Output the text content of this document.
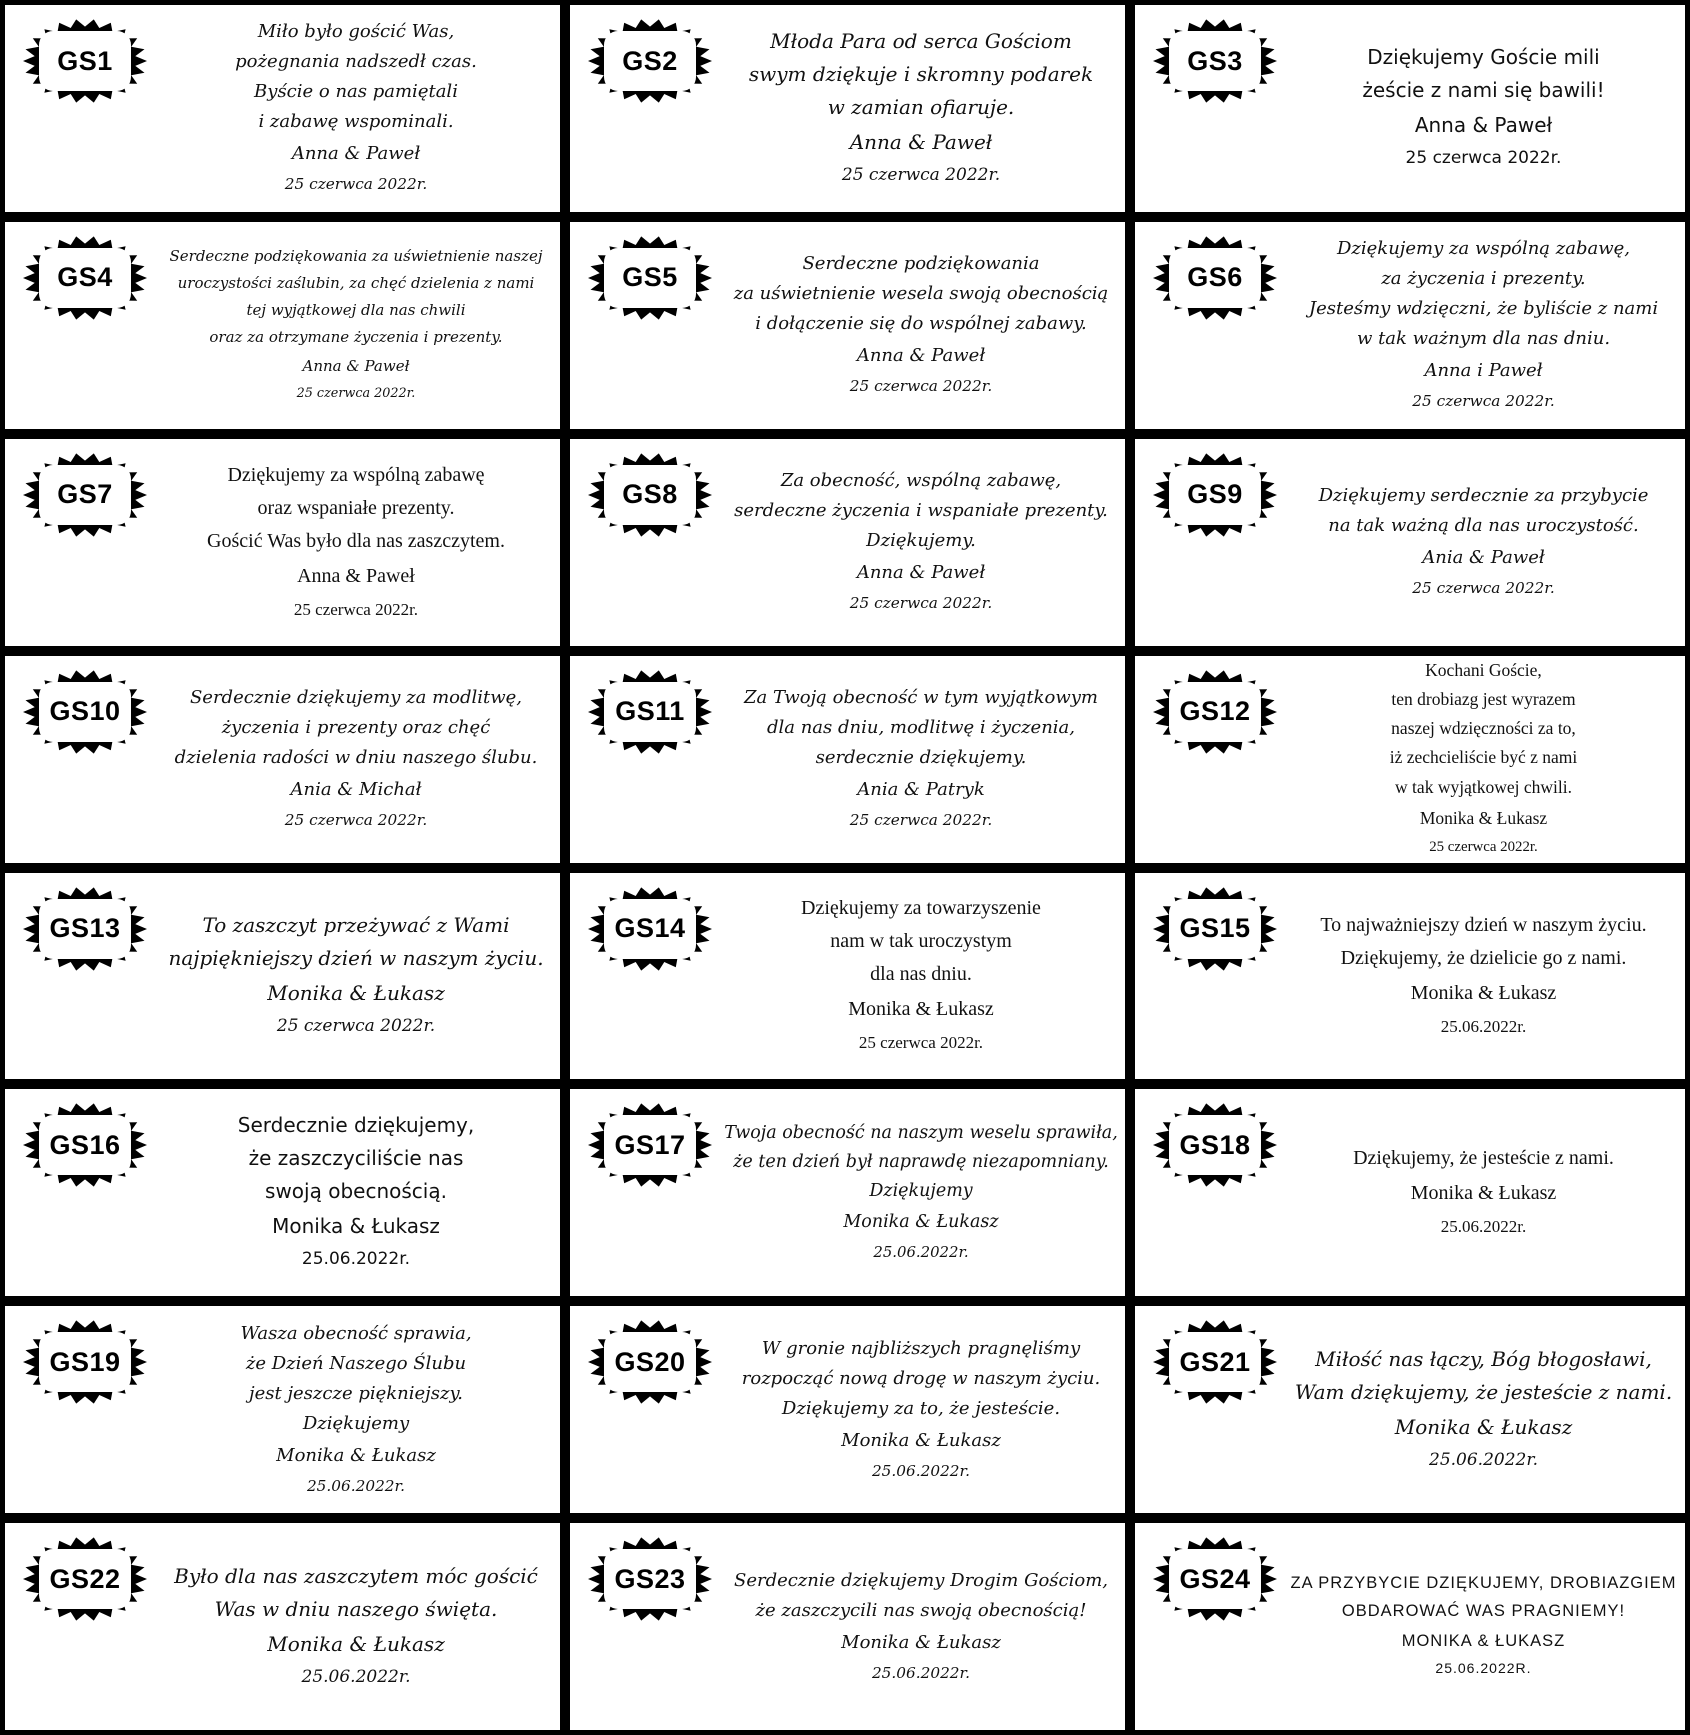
GS1
Miło było gościć Was,
pożegnania nadszedł czas.
Byście o nas pamiętali
i zabawę wspominali.
Anna & Paweł
25 czerwca 2022r.
GS2
Młoda Para od serca Gościom
swym dziękuje i skromny podarek
w zamian ofiaruje.
Anna & Paweł
25 czerwca 2022r.
GS3	Dziękujemy Goście mili
żeście z nami się bawili!
Anna & Paweł
25 czerwca 2022r.
GS4
Serdeczne podziękowania za uświetnienie naszej
uroczystości zaślubin, za chęć dzielenia z nami
tej wyjątkowej dla nas chwili
oraz za otrzymane życzenia i prezenty.
Anna & Paweł
25 czerwca 2022r.
GS5	Serdeczne podziękowania
za uświetnienie wesela swoją obecnością
i dołączenie się do wspólnej zabawy.
Anna & Paweł
25 czerwca 2022r.
GS6
Dziękujemy za wspólną zabawę,
za życzenia i prezenty.
Jesteśmy wdzięczni, że byliście z nami
w tak ważnym dla nas dniu.
Anna i Paweł
25 czerwca 2022r.
GS7
Dziękujemy za wspólną zabawę
oraz wspaniałe prezenty.
Gościć Was było dla nas zaszczytem.
Anna & Paweł
25 czerwca 2022r.
GS8	Za obecność, wspólną zabawę,
serdeczne życzenia i wspaniałe prezenty.
Dziękujemy.
Anna & Paweł
25 czerwca 2022r.
GS9	Dziękujemy serdecznie za przybycie
na tak ważną dla nas uroczystość.
Ania & Paweł
25 czerwca 2022r.
GS10	Serdecznie dziękujemy za modlitwę,
życzenia i prezenty oraz chęć
dzielenia radości w dniu naszego ślubu.
Ania & Michał
25 czerwca 2022r.
GS11	Za Twoją obecność w tym wyjątkowym
dla nas dniu, modlitwę i życzenia,
serdecznie dziękujemy.
Ania & Patryk
25 czerwca 2022r.
GS12
Kochani Goście,
ten drobiazg jest wyrazem
naszej wdzięczności za to,
iż zechcieliście być z nami
w tak wyjątkowej chwili.
Monika & Łukasz
25 czerwca 2022r.
GS13	To zaszczyt przeżywać z Wami
najpiękniejszy dzień w naszym życiu.
Monika & Łukasz
25 czerwca 2022r.
GS14
Dziękujemy za towarzyszenie
nam w tak uroczystym
dla nas dniu.
Monika & Łukasz
25 czerwca 2022r.
GS15	To najważniejszy dzień w naszym życiu.
Dziękujemy, że dzielicie go z nami.
Monika & Łukasz
25.06.2022r.
GS16
Serdecznie dziękujemy,
że zaszczyciliście nas
swoją obecnością.
Monika & Łukasz
25.06.2022r.
GS17	Twoja obecność na naszym weselu sprawiła,
że ten dzień był naprawdę niezapomniany.
Dziękujemy
Monika & Łukasz
25.06.2022r.
GS18	Dziękujemy, że jesteście z nami.
Monika & Łukasz
25.06.2022r.
GS19
Wasza obecność sprawia,
że Dzień Naszego Ślubu
jest jeszcze piękniejszy.
Dziękujemy
Monika & Łukasz
25.06.2022r.
GS20	W gronie najbliższych pragnęliśmy
rozpocząć nową drogę w naszym życiu.
Dziękujemy za to, że jesteście.
Monika & Łukasz
25.06.2022r.
GS21	Miłość nas łączy, Bóg błogosławi,
Wam dziękujemy, że jesteście z nami.
Monika & Łukasz
25.06.2022r.
GS22	Było dla nas zaszczytem móc gościć
Was w dniu naszego święta.
Monika & Łukasz
25.06.2022r.
GS23	Serdecznie dziękujemy Drogim Gościom,
że zaszczycili nas swoją obecnością!
Monika & Łukasz
25.06.2022r.
GS24	ZA PRZYBYCIE DZIĘKUJEMY, DROBIAZGIEM
OBDAROWAĆ WAS PRAGNIEMY!
MONIKA & ŁUKASZ
25.06.2022R.
